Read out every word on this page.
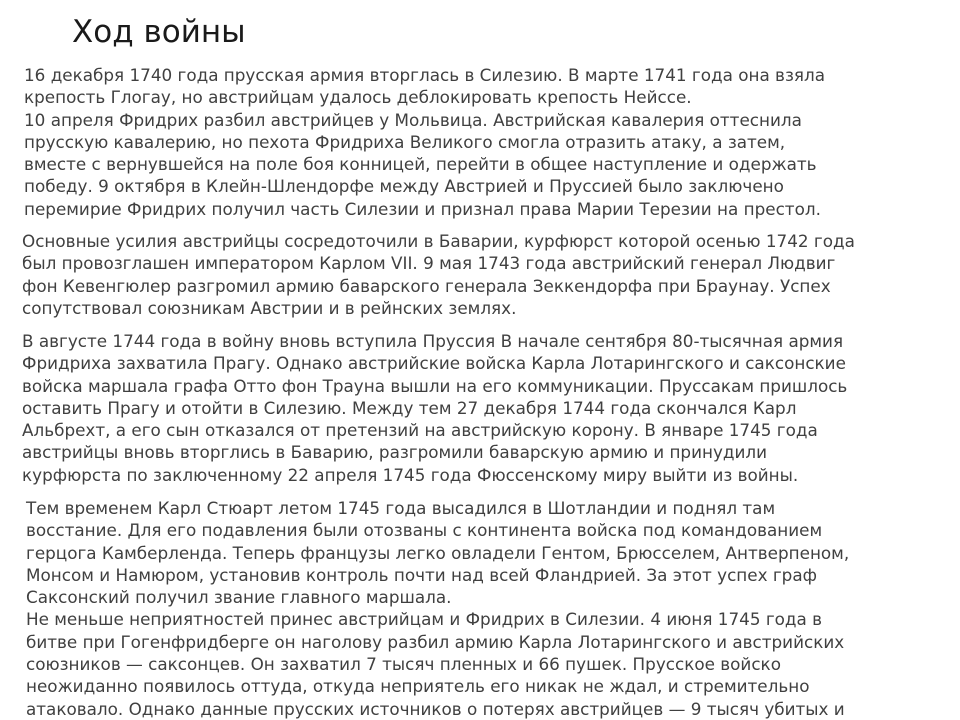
Ход войны
16 декабря 1740 года прусская армия вторглась в Силезию. В марте 1741 года она взяла
крепость Глогау, но австрийцам удалось деблокировать крепость Нейссе.
10 апреля Фридрих разбил австрийцев у Мольвица. Австрийская кавалерия оттеснила
прусскую кавалерию, но пехота Фридриха Великого смогла отразить атаку, а затем,
вместе с вернувшейся на поле боя конницей, перейти в общее наступление и одержать
победу. 9 октября в Клейн-Шлендорфе между Австрией и Пруссией было заключено
перемирие Фридрих получил часть Силезии и признал права Марии Терезии на престол.
Основные усилия австрийцы сосредоточили в Баварии, курфюрст которой осенью 1742 года
был провозглашен императором Карлом VII. 9 мая 1743 года австрийский генерал Людвиг
фон Кевенгюлер разгромил армию баварского генерала Зеккендорфа при Браунау. Успех
сопутствовал союзникам Австрии и в рейнских землях.
В августе 1744 года в войну вновь вступила Пруссия В начале сентября 80-тысячная армия
Фридриха захватила Прагу. Однако австрийские войска Карла Лотарингского и саксонские
войска маршала графа Отто фон Трауна вышли на его коммуникации. Пруссакам пришлось
оставить Прагу и отойти в Силезию. Между тем 27 декабря 1744 года скончался Карл
Альбрехт, а его сын отказался от претензий на австрийскую корону. В январе 1745 года
австрийцы вновь вторглись в Баварию, разгромили баварскую армию и принудили
курфюрста по заключенному 22 апреля 1745 года Фюссенскому миру выйти из войны.
Тем временем Карл Стюарт летом 1745 года высадился в Шотландии и поднял там
восстание. Для его подавления были отозваны с континента войска под командованием
герцога Камберленда. Теперь французы легко овладели Гентом, Брюсселем, Антверпеном,
Монсом и Намюром, установив контроль почти над всей Фландрией. За этот успех граф
Саксонский получил звание главного маршала.
Не меньше неприятностей принес австрийцам и Фридрих в Силезии. 4 июня 1745 года в
битве при Гогенфридберге он наголову разбил армию Карла Лотарингского и австрийских
союзников — саксонцев. Он захватил 7 тысяч пленных и 66 пушек. Прусское войско
неожиданно появилось оттуда, откуда неприятель его никак не ждал, и стремительно
атаковало. Однако данные прусских источников о потерях австрийцев — 9 тысяч убитых и
